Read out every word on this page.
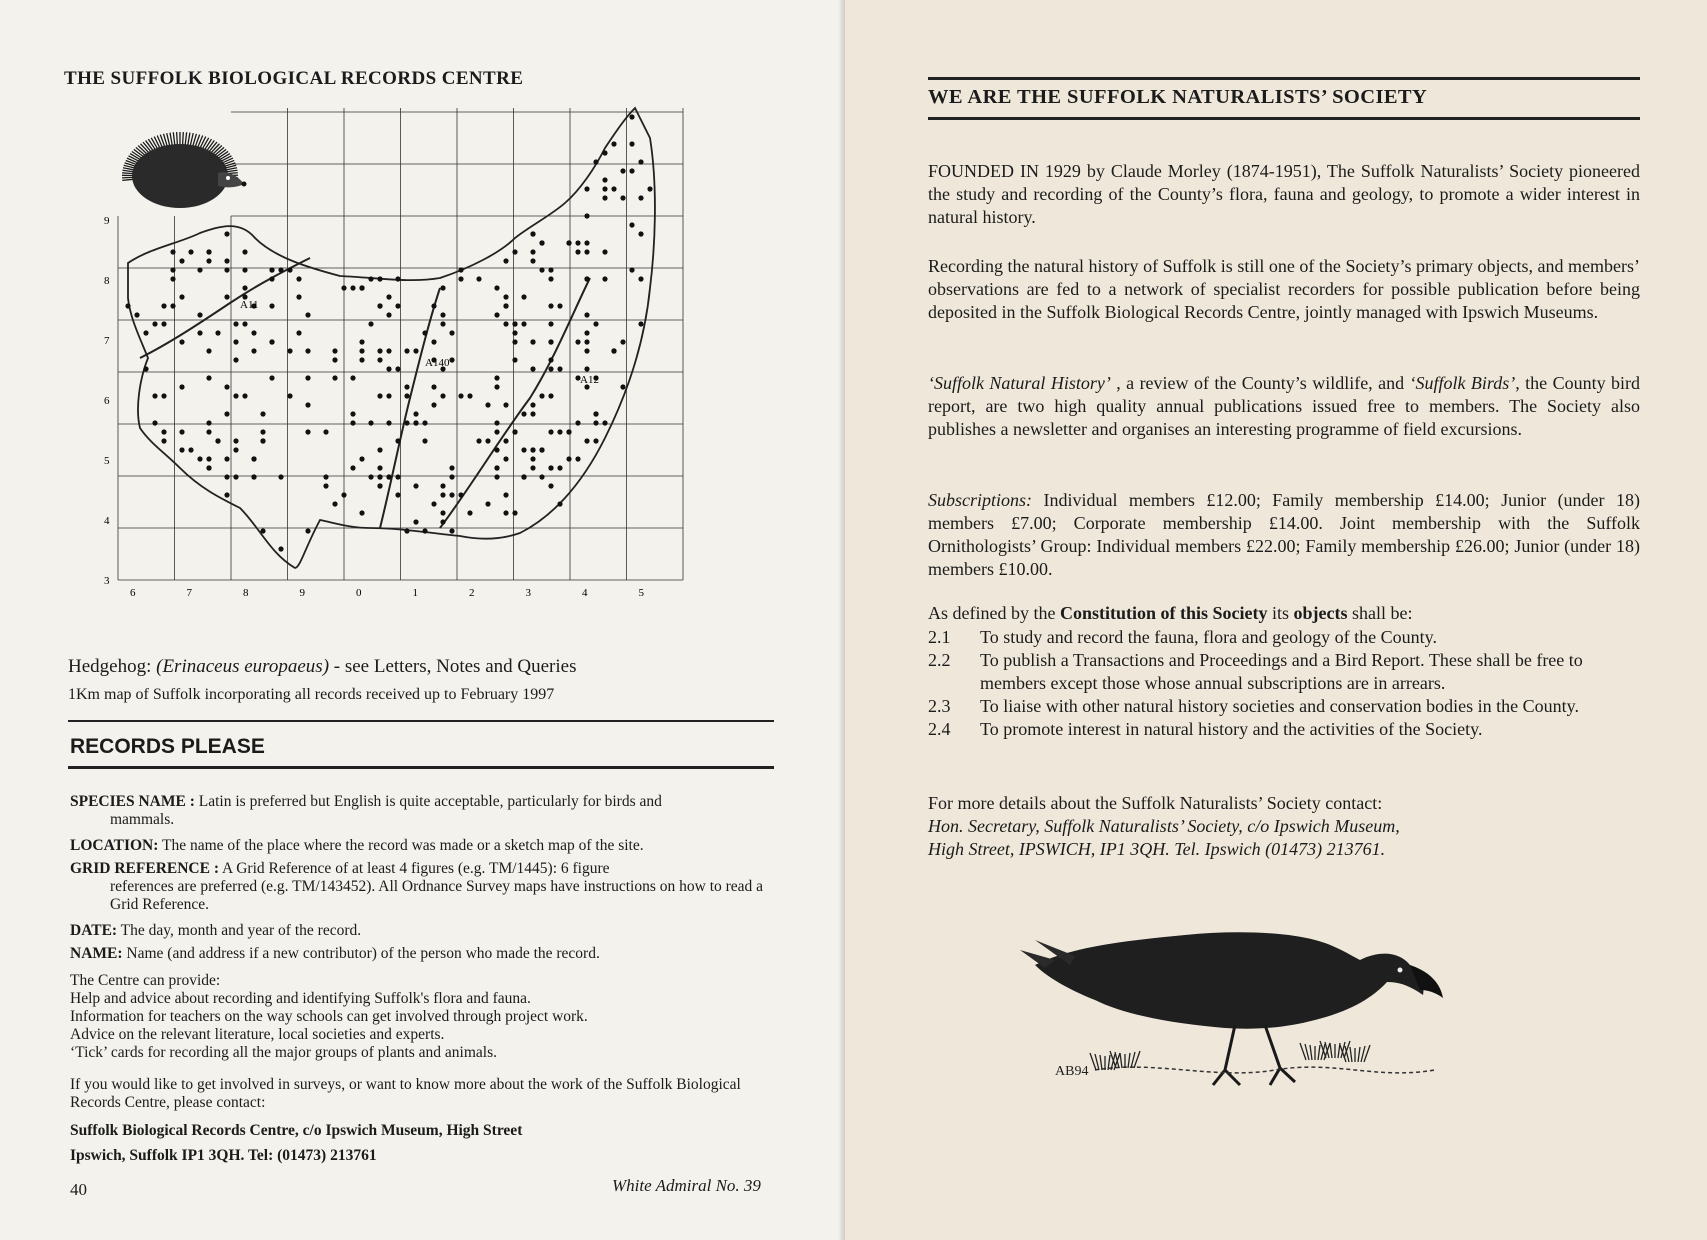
THE SUFFOLK BIOLOGICAL RECORDS CENTRE
9
8
7
6
5
4
3
6	7	8	9	0	1	2	3	4	5
A11
A140
A12
Hedgehog: (Erinaceus europaeus) - see Letters, Notes and Queries
1Km map of Suffolk incorporating all records received up to February 1997
RECORDS PLEASE
SPECIES NAME : Latin is preferred but English is quite acceptable, particularly for birds and
mammals.
LOCATION: The name of the place where the record was made or a sketch map of the site.
GRID REFERENCE : A Grid Reference of at least 4 figures (e.g. TM/1445): 6 figure
references are preferred (e.g. TM/143452). All Ordnance Survey maps have instructions on how to read a Grid Reference.
DATE: The day, month and year of the record.
NAME: Name (and address if a new contributor) of the person who made the record.
The Centre can provide:
Help and advice about recording and identifying Suffolk's flora and fauna.
Information for teachers on the way schools can get involved through project work.
Advice on the relevant literature, local societies and experts.
‘Tick’ cards for recording all the major groups of plants and animals.
If you would like to get involved in surveys, or want to know more about the work of the Suffolk Biological Records Centre, please contact:
Suffolk Biological Records Centre, c/o Ipswich Museum, High Street
Ipswich, Suffolk IP1 3QH. Tel: (01473) 213761
40	White Admiral No. 39
WE ARE THE SUFFOLK NATURALISTS’ SOCIETY
FOUNDED IN 1929 by Claude Morley (1874-1951), The Suffolk Naturalists’ Society pioneered the study and recording of the County’s flora, fauna and geology, to promote a wider interest in natural history.
Recording the natural history of Suffolk is still one of the Society’s primary objects, and members’ observations are fed to a network of specialist recorders for possible publication before being deposited in the Suffolk Biological Records Centre, jointly managed with Ipswich Museums.
‘Suffolk Natural History’ , a review of the County’s wildlife, and ‘Suffolk Birds’, the County bird report, are two high quality annual publications issued free to members. The Society also publishes a newsletter and organises an interesting programme of field excursions.
Subscriptions: Individual members £12.00; Family membership £14.00; Junior (under 18) members £7.00; Corporate membership £14.00. Joint membership with the Suffolk Ornithologists’ Group: Individual members £22.00; Family membership £26.00; Junior (under 18) members £10.00.
As defined by the Constitution of this Society its objects shall be:
2.1	To study and record the fauna, flora and geology of the County.
2.2	To publish a Transactions and Proceedings and a Bird Report. These shall be free to members except those whose annual subscriptions are in arrears.
2.3	To liaise with other natural history societies and conservation bodies in the County.
2.4	To promote interest in natural history and the activities of the Society.
For more details about the Suffolk Naturalists’ Society contact:
Hon. Secretary, Suffolk Naturalists’ Society, c/o Ipswich Museum,
High Street, IPSWICH, IP1 3QH. Tel. Ipswich (01473) 213761.
AB94
